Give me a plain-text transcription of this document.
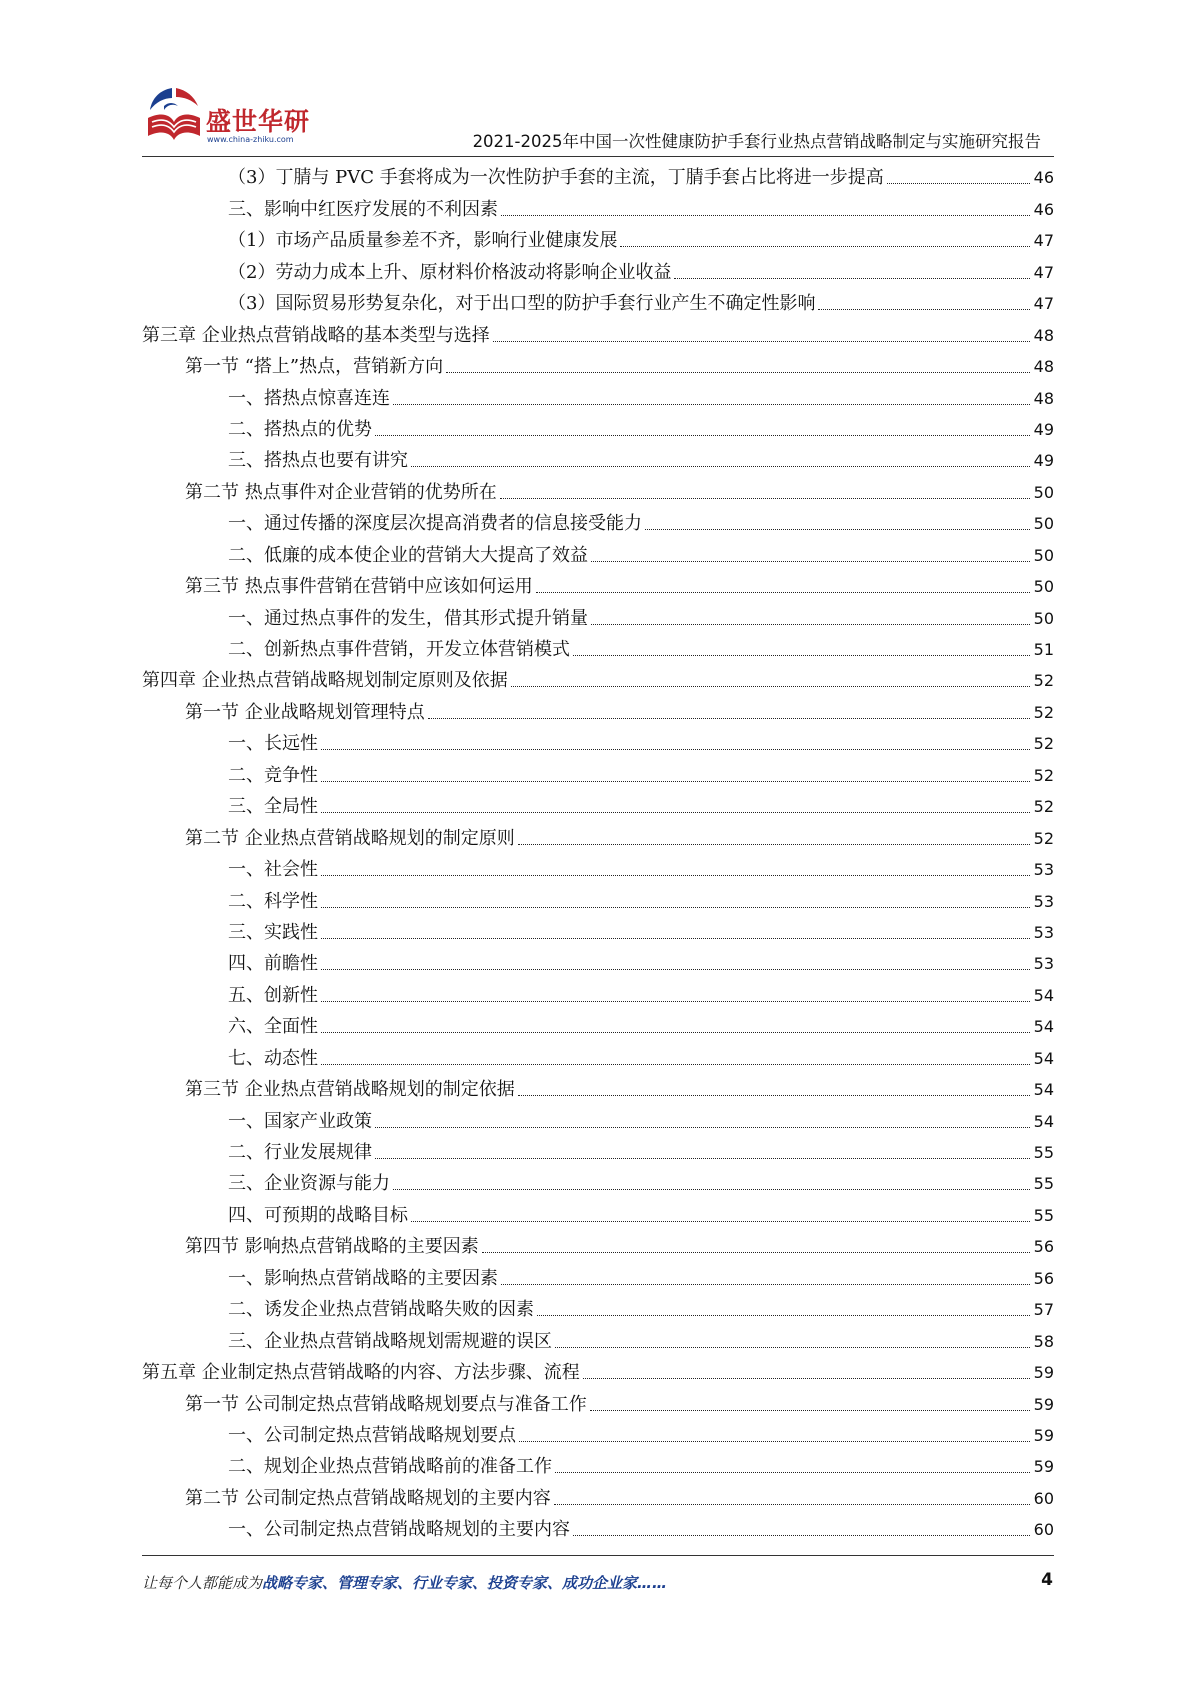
盛世华研
www.china-zhiku.com	2021-2025年中国一次性健康防护手套行业热点营销战略制定与实施研究报告
（3）丁腈与 PVC 手套将成为一次性防护手套的主流，丁腈手套占比将进一步提高	46
三、影响中红医疗发展的不利因素	46
（1）市场产品质量参差不齐，影响行业健康发展	47
（2）劳动力成本上升、原材料价格波动将影响企业收益	47
（3）国际贸易形势复杂化，对于出口型的防护手套行业产生不确定性影响	47
第三章 企业热点营销战略的基本类型与选择	48
第一节 “搭上”热点，营销新方向	48
一、搭热点惊喜连连	48
二、搭热点的优势	49
三、搭热点也要有讲究	49
第二节 热点事件对企业营销的优势所在	50
一、通过传播的深度层次提高消费者的信息接受能力	50
二、低廉的成本使企业的营销大大提高了效益	50
第三节 热点事件营销在营销中应该如何运用	50
一、通过热点事件的发生，借其形式提升销量	50
二、创新热点事件营销，开发立体营销模式	51
第四章 企业热点营销战略规划制定原则及依据	52
第一节 企业战略规划管理特点	52
一、长远性	52
二、竞争性	52
三、全局性	52
第二节 企业热点营销战略规划的制定原则	52
一、社会性	53
二、科学性	53
三、实践性	53
四、前瞻性	53
五、创新性	54
六、全面性	54
七、动态性	54
第三节 企业热点营销战略规划的制定依据	54
一、国家产业政策	54
二、行业发展规律	55
三、企业资源与能力	55
四、可预期的战略目标	55
第四节 影响热点营销战略的主要因素	56
一、影响热点营销战略的主要因素	56
二、诱发企业热点营销战略失败的因素	57
三、企业热点营销战略规划需规避的误区	58
第五章 企业制定热点营销战略的内容、方法步骤、流程	59
第一节 公司制定热点营销战略规划要点与准备工作	59
一、公司制定热点营销战略规划要点	59
二、规划企业热点营销战略前的准备工作	59
第二节 公司制定热点营销战略规划的主要内容	60
一、公司制定热点营销战略规划的主要内容	60
让每个人都能成为战略专家、管理专家、行业专家、投资专家、成功企业家……	4
